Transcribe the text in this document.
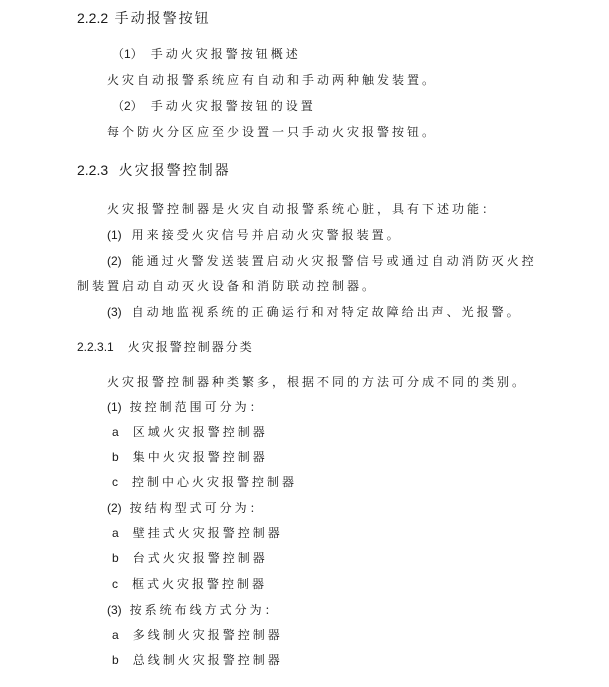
2.2.2 手动报警按钮
（1） 手动火灾报警按钮概述
火灾自动报警系统应有自动和手动两种触发装置。
（2） 手动火灾报警按钮的设置
每个防火分区应至少设置一只手动火灾报警按钮。
2.2.3 火灾报警控制器
火灾报警控制器是火灾自动报警系统心脏，具有下述功能：
(1) 用来接受火灾信号并启动火灾警报装置。
(2) 能通过火警发送装置启动火灾报警信号或通过自动消防灭火控
制装置启动自动灭火设备和消防联动控制器。
(3) 自动地监视系统的正确运行和对特定故障给出声、光报警。
2.2.3.1 火灾报警控制器分类
火灾报警控制器种类繁多，根据不同的方法可分成不同的类别。
(1) 按控制范围可分为：
a 区域火灾报警控制器
b 集中火灾报警控制器
c 控制中心火灾报警控制器
(2) 按结构型式可分为：
a 壁挂式火灾报警控制器
b 台式火灾报警控制器
c 框式火灾报警控制器
(3) 按系统布线方式分为：
a 多线制火灾报警控制器
b 总线制火灾报警控制器
